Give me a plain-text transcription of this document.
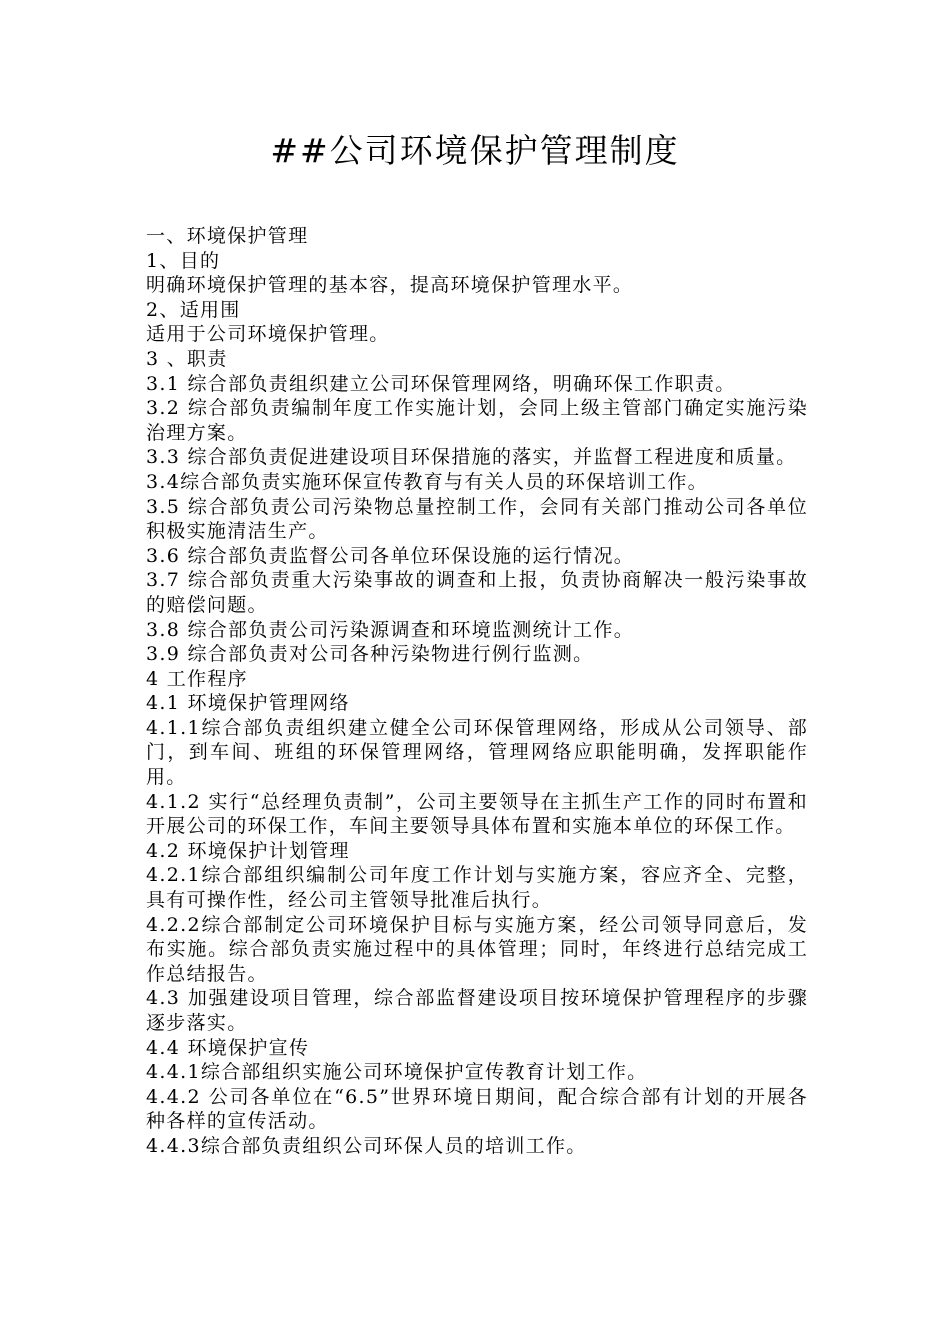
##公司环境保护管理制度

一、环境保护管理

1、目的

明确环境保护管理的基本容，提高环境保护管理水平。

2、适用围

适用于公司环境保护管理。

3 、职责

3.1 综合部负责组织建立公司环保管理网络，明确环保工作职责。

3.2 综合部负责编制年度工作实施计划，会同上级主管部门确定实施污染治理方案。

3.3 综合部负责促进建设项目环保措施的落实，并监督工程进度和质量。

3.4综合部负责实施环保宣传教育与有关人员的环保培训工作。

3.5 综合部负责公司污染物总量控制工作，会同有关部门推动公司各单位积极实施清洁生产。

3.6 综合部负责监督公司各单位环保设施的运行情况。

3.7 综合部负责重大污染事故的调查和上报，负责协商解决一般污染事故的赔偿问题。

3.8 综合部负责公司污染源调查和环境监测统计工作。

3.9 综合部负责对公司各种污染物进行例行监测。

4 工作程序

4.1 环境保护管理网络

4.1.1综合部负责组织建立健全公司环保管理网络，形成从公司领导、部门，到车间、班组的环保管理网络，管理网络应职能明确，发挥职能作用。

4.1.2 实行“总经理负责制”，公司主要领导在主抓生产工作的同时布置和开展公司的环保工作，车间主要领导具体布置和实施本单位的环保工作。

4.2 环境保护计划管理

4.2.1综合部组织编制公司年度工作计划与实施方案，容应齐全、完整，具有可操作性，经公司主管领导批准后执行。

4.2.2综合部制定公司环境保护目标与实施方案，经公司领导同意后，发布实施。综合部负责实施过程中的具体管理；同时，年终进行总结完成工作总结报告。

4.3 加强建设项目管理，综合部监督建设项目按环境保护管理程序的步骤逐步落实。

4.4 环境保护宣传

4.4.1综合部组织实施公司环境保护宣传教育计划工作。

4.4.2 公司各单位在“6.5”世界环境日期间，配合综合部有计划的开展各种各样的宣传活动。

4.4.3综合部负责组织公司环保人员的培训工作。
